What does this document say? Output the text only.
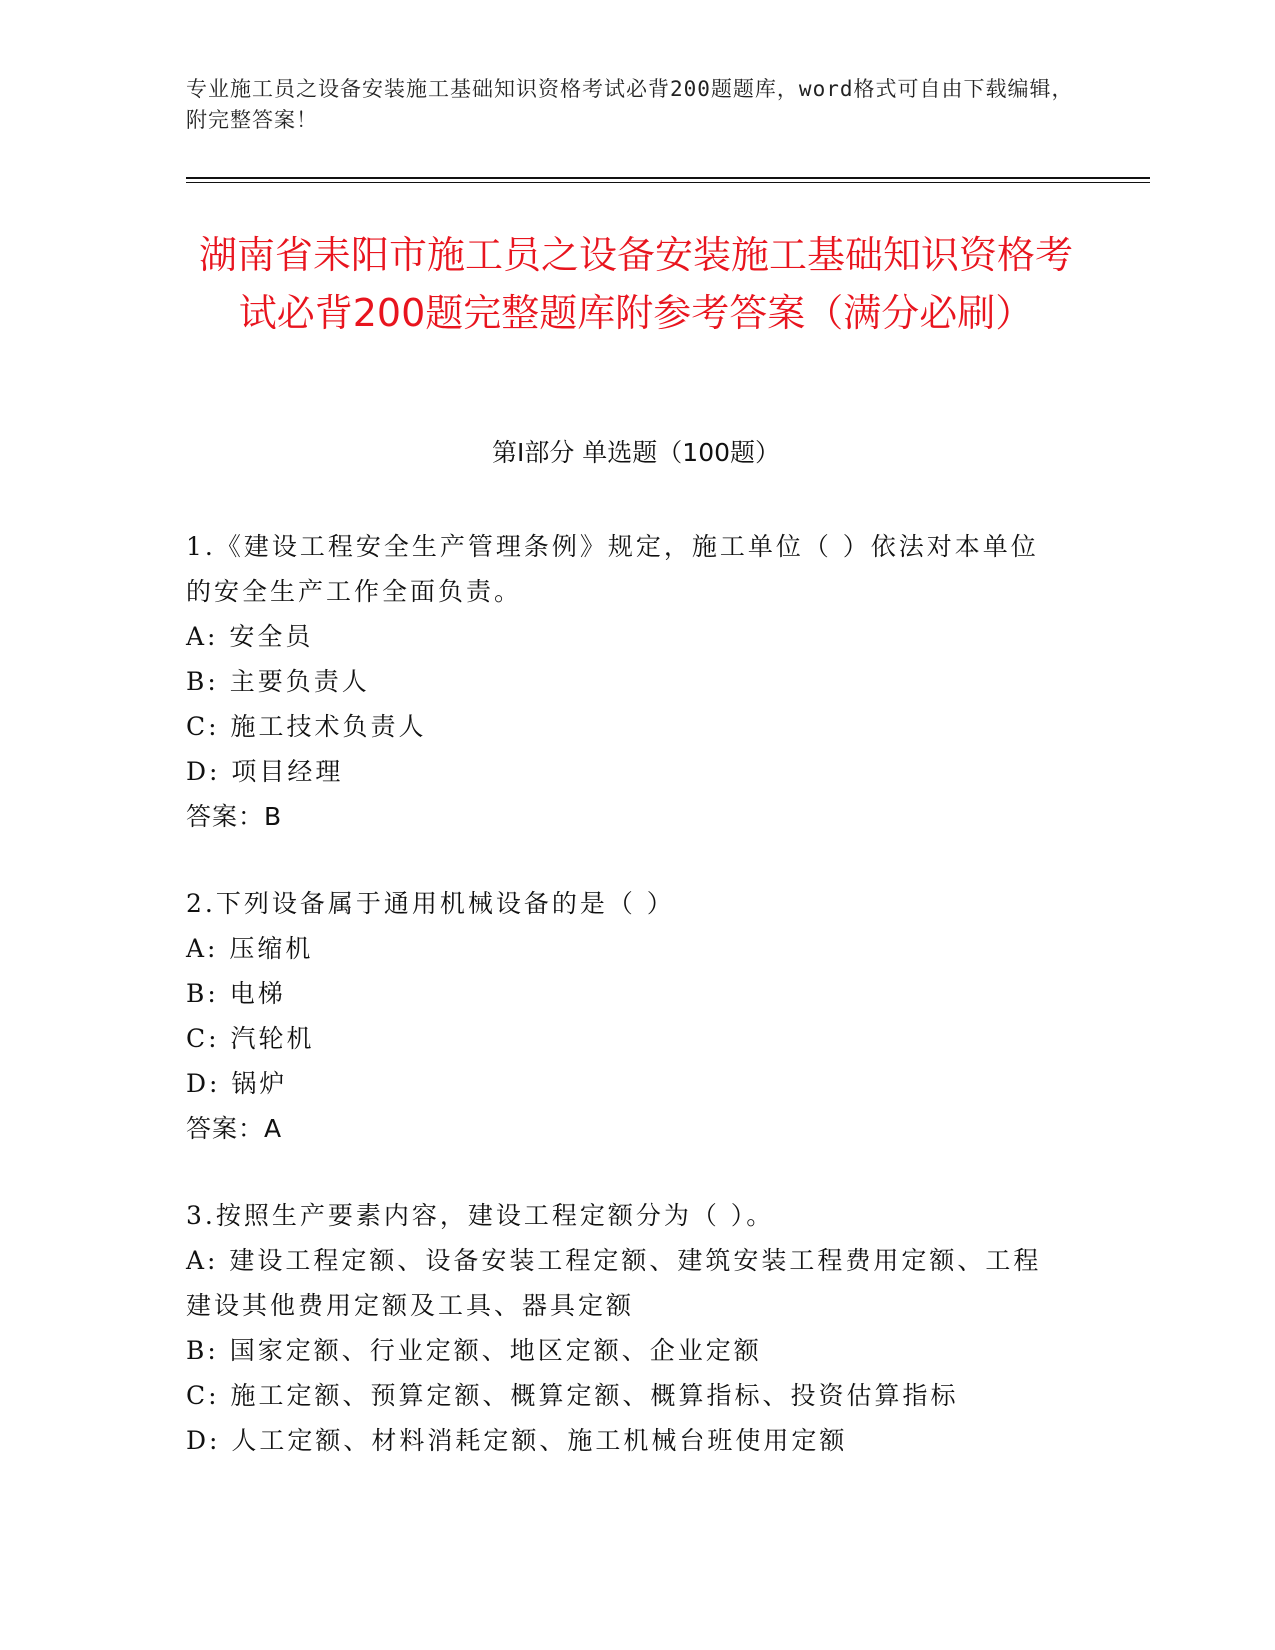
专业施工员之设备安装施工基础知识资格考试必背200题题库，word格式可自由下载编辑，附完整答案！
湖南省耒阳市施工员之设备安装施工基础知识资格考试必背200题完整题库附参考答案（满分必刷）
第Ⅰ部分 单选题（100题）

1.《建设工程安全生产管理条例》规定，施工单位（ ）依法对本单位的安全生产工作全面负责。

A: 安全员

B: 主要负责人

C: 施工技术负责人

D: 项目经理

答案：B

2.下列设备属于通用机械设备的是（ ）

A: 压缩机

B: 电梯

C: 汽轮机

D: 锅炉

答案：A

3.按照生产要素内容，建设工程定额分为（ ）。

A: 建设工程定额、设备安装工程定额、建筑安装工程费用定额、工程建设其他费用定额及工具、器具定额

B: 国家定额、行业定额、地区定额、企业定额

C: 施工定额、预算定额、概算定额、概算指标、投资估算指标

D: 人工定额、材料消耗定额、施工机械台班使用定额
